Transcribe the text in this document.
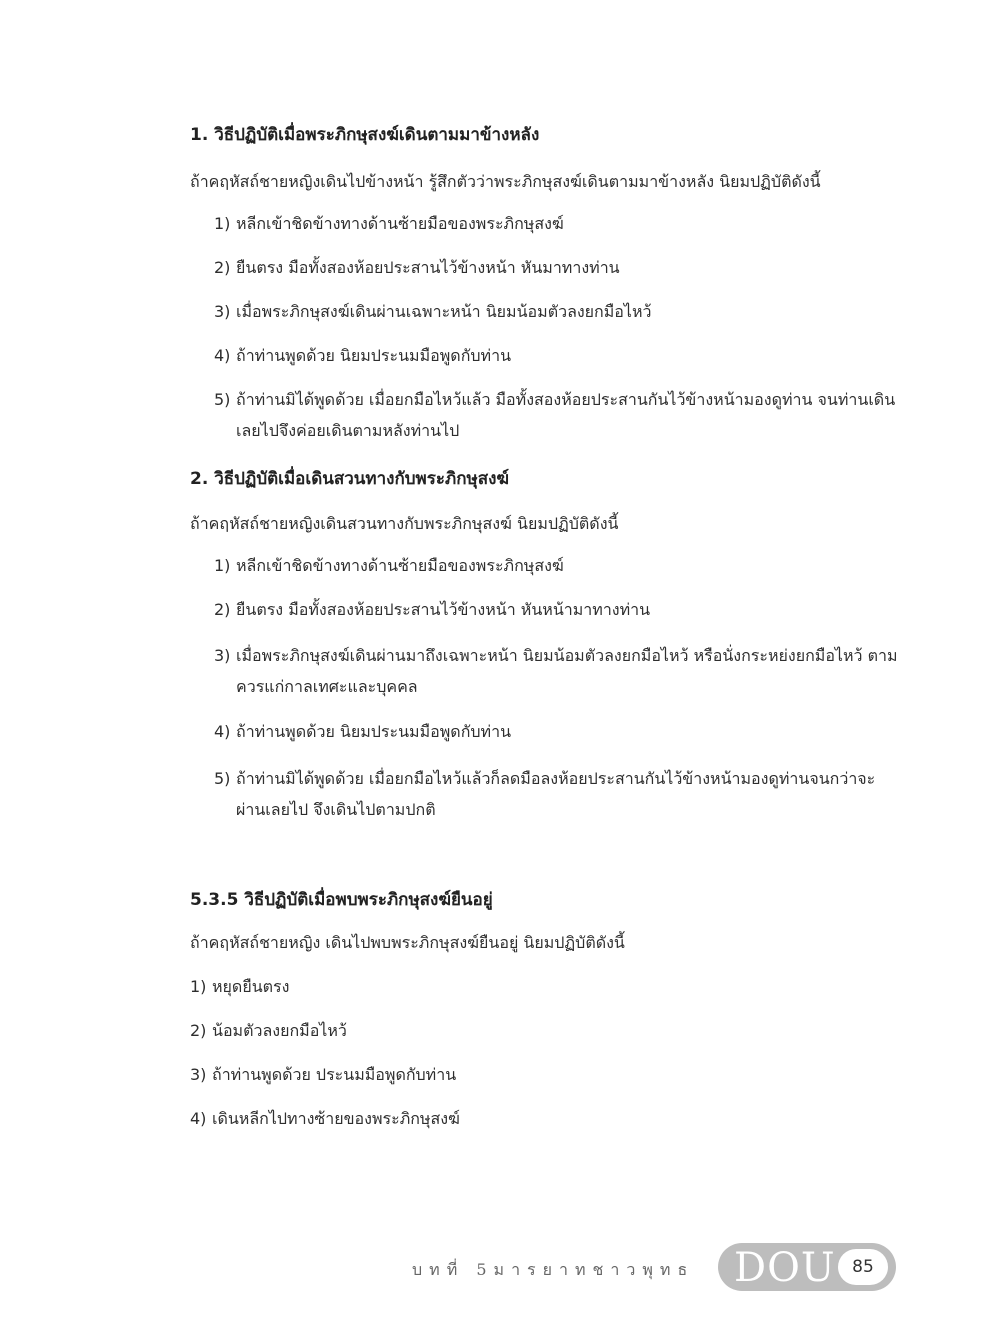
1. วิธีปฏิบัติเมื่อพระภิกษุสงฆ์เดินตามมาข้างหลัง
ถ้าคฤหัสถ์ชายหญิงเดินไปข้างหน้า รู้สึกตัวว่าพระภิกษุสงฆ์เดินตามมาข้างหลัง นิยมปฏิบัติดังนี้
1) หลีกเข้าชิดข้างทางด้านซ้ายมือของพระภิกษุสงฆ์
2) ยืนตรง มือทั้งสองห้อยประสานไว้ข้างหน้า หันมาทางท่าน
3) เมื่อพระภิกษุสงฆ์เดินผ่านเฉพาะหน้า นิยมน้อมตัวลงยกมือไหว้
4) ถ้าท่านพูดด้วย นิยมประนมมือพูดกับท่าน
5) ถ้าท่านมิได้พูดด้วย เมื่อยกมือไหว้แล้ว มือทั้งสองห้อยประสานกันไว้ข้างหน้ามองดูท่าน จนท่านเดินเลยไปจึงค่อยเดินตามหลังท่านไป
2. วิธีปฏิบัติเมื่อเดินสวนทางกับพระภิกษุสงฆ์
ถ้าคฤหัสถ์ชายหญิงเดินสวนทางกับพระภิกษุสงฆ์ นิยมปฏิบัติดังนี้
1) หลีกเข้าชิดข้างทางด้านซ้ายมือของพระภิกษุสงฆ์
2) ยืนตรง มือทั้งสองห้อยประสานไว้ข้างหน้า หันหน้ามาทางท่าน
3) เมื่อพระภิกษุสงฆ์เดินผ่านมาถึงเฉพาะหน้า นิยมน้อมตัวลงยกมือไหว้ หรือนั่งกระหย่งยกมือไหว้ ตามควรแก่กาลเทศะและบุคคล
4) ถ้าท่านพูดด้วย นิยมประนมมือพูดกับท่าน
5) ถ้าท่านมิได้พูดด้วย เมื่อยกมือไหว้แล้วก็ลดมือลงห้อยประสานกันไว้ข้างหน้ามองดูท่านจนกว่าจะผ่านเลยไป จึงเดินไปตามปกติ
5.3.5 วิธีปฏิบัติเมื่อพบพระภิกษุสงฆ์ยืนอยู่
ถ้าคฤหัสถ์ชายหญิง เดินไปพบพระภิกษุสงฆ์ยืนอยู่ นิยมปฏิบัติดังนี้
1) หยุดยืนตรง
2) น้อมตัวลงยกมือไหว้
3) ถ้าท่านพูดด้วย ประนมมือพูดกับท่าน
4) เดินหลีกไปทางซ้ายของพระภิกษุสงฆ์
บทที่ 5มารยาทชาวพุทธ DOU 85
